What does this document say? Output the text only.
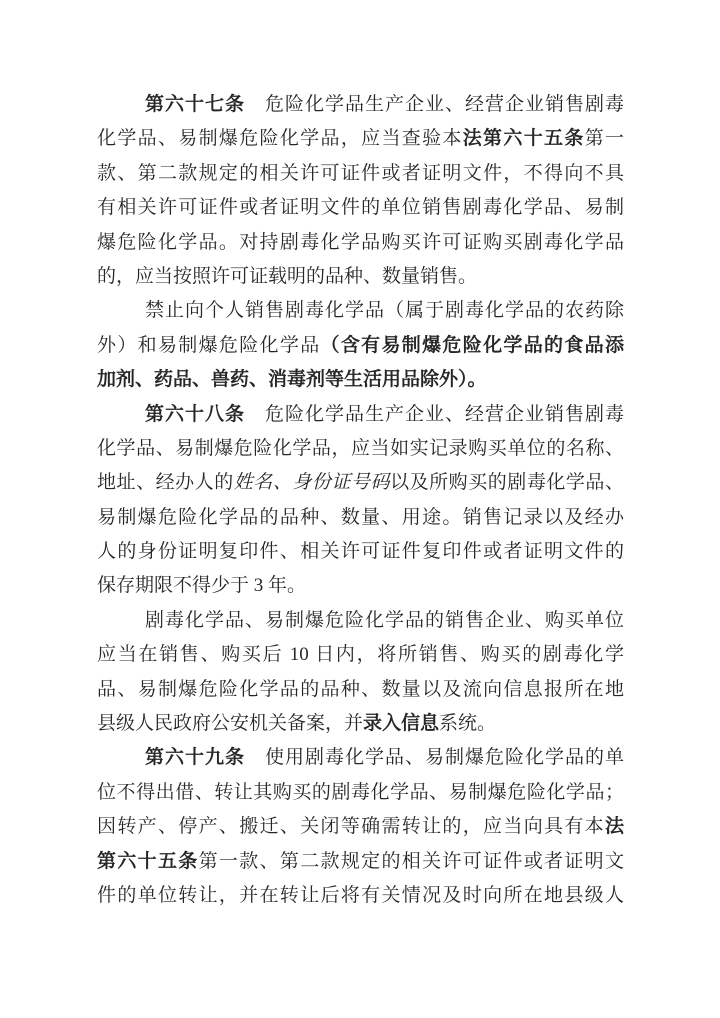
第六十七条　危险化学品生产企业、经营企业销售剧毒
化学品、易制爆危险化学品，应当查验本法第六十五条第一
款、第二款规定的相关许可证件或者证明文件，不得向不具
有相关许可证件或者证明文件的单位销售剧毒化学品、易制
爆危险化学品。对持剧毒化学品购买许可证购买剧毒化学品
的，应当按照许可证载明的品种、数量销售。
禁止向个人销售剧毒化学品（属于剧毒化学品的农药除
外）和易制爆危险化学品（含有易制爆危险化学品的食品添
加剂、药品、兽药、消毒剂等生活用品除外）。
第六十八条　危险化学品生产企业、经营企业销售剧毒
化学品、易制爆危险化学品，应当如实记录购买单位的名称、
地址、经办人的姓名、身份证号码以及所购买的剧毒化学品、
易制爆危险化学品的品种、数量、用途。销售记录以及经办
人的身份证明复印件、相关许可证件复印件或者证明文件的
保存期限不得少于 3 年。
剧毒化学品、易制爆危险化学品的销售企业、购买单位
应当在销售、购买后 10 日内，将所销售、购买的剧毒化学
品、易制爆危险化学品的品种、数量以及流向信息报所在地
县级人民政府公安机关备案，并录入信息系统。
第六十九条　使用剧毒化学品、易制爆危险化学品的单
位不得出借、转让其购买的剧毒化学品、易制爆危险化学品；
因转产、停产、搬迁、关闭等确需转让的，应当向具有本法
第六十五条第一款、第二款规定的相关许可证件或者证明文
件的单位转让，并在转让后将有关情况及时向所在地县级人
